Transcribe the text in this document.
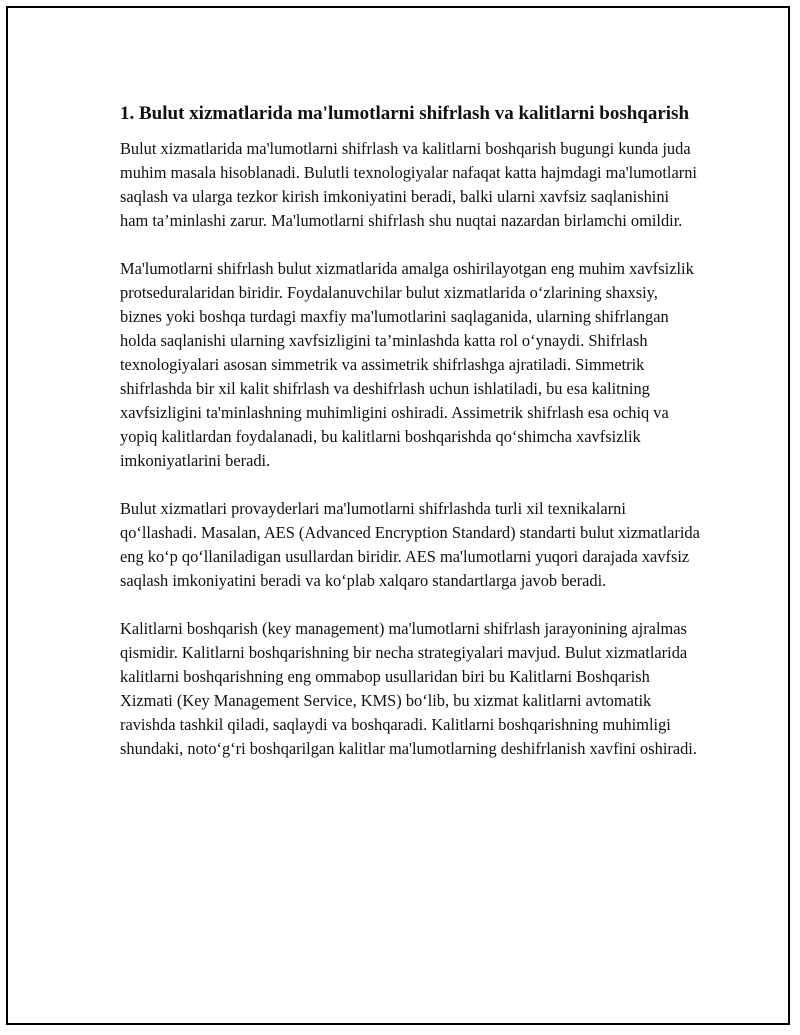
1. Bulut xizmatlarida ma'lumotlarni shifrlash va kalitlarni boshqarish

Bulut xizmatlarida ma'lumotlarni shifrlash va kalitlarni boshqarish bugungi kunda juda muhim masala hisoblanadi. Bulutli texnologiyalar nafaqat katta hajmdagi ma'lumotlarni saqlash va ularga tezkor kirish imkoniyatini beradi, balki ularni xavfsiz saqlanishini ham ta’minlashi zarur. Ma'lumotlarni shifrlash shu nuqtai nazardan birlamchi omildir.

Ma'lumotlarni shifrlash bulut xizmatlarida amalga oshirilayotgan eng muhim xavfsizlik protseduralaridan biridir. Foydalanuvchilar bulut xizmatlarida o‘zlarining shaxsiy, biznes yoki boshqa turdagi maxfiy ma'lumotlarini saqlaganida, ularning shifrlangan holda saqlanishi ularning xavfsizligini ta’minlashda katta rol o‘ynaydi. Shifrlash texnologiyalari asosan simmetrik va assimetrik shifrlashga ajratiladi. Simmetrik shifrlashda bir xil kalit shifrlash va deshifrlash uchun ishlatiladi, bu esa kalitning xavfsizligini ta'minlashning muhimligini oshiradi. Assimetrik shifrlash esa ochiq va yopiq kalitlardan foydalanadi, bu kalitlarni boshqarishda qo‘shimcha xavfsizlik imkoniyatlarini beradi.

Bulut xizmatlari provayderlari ma'lumotlarni shifrlashda turli xil texnikalarni qo‘llashadi. Masalan, AES (Advanced Encryption Standard) standarti bulut xizmatlarida eng ko‘p qo‘llaniladigan usullardan biridir. AES ma'lumotlarni yuqori darajada xavfsiz saqlash imkoniyatini beradi va ko‘plab xalqaro standartlarga javob beradi.

Kalitlarni boshqarish (key management) ma'lumotlarni shifrlash jarayonining ajralmas qismidir. Kalitlarni boshqarishning bir necha strategiyalari mavjud. Bulut xizmatlarida kalitlarni boshqarishning eng ommabop usullaridan biri bu Kalitlarni Boshqarish Xizmati (Key Management Service, KMS) bo‘lib, bu xizmat kalitlarni avtomatik ravishda tashkil qiladi, saqlaydi va boshqaradi. Kalitlarni boshqarishning muhimligi shundaki, noto‘g‘ri boshqarilgan kalitlar ma'lumotlarning deshifrlanish xavfini oshiradi.
